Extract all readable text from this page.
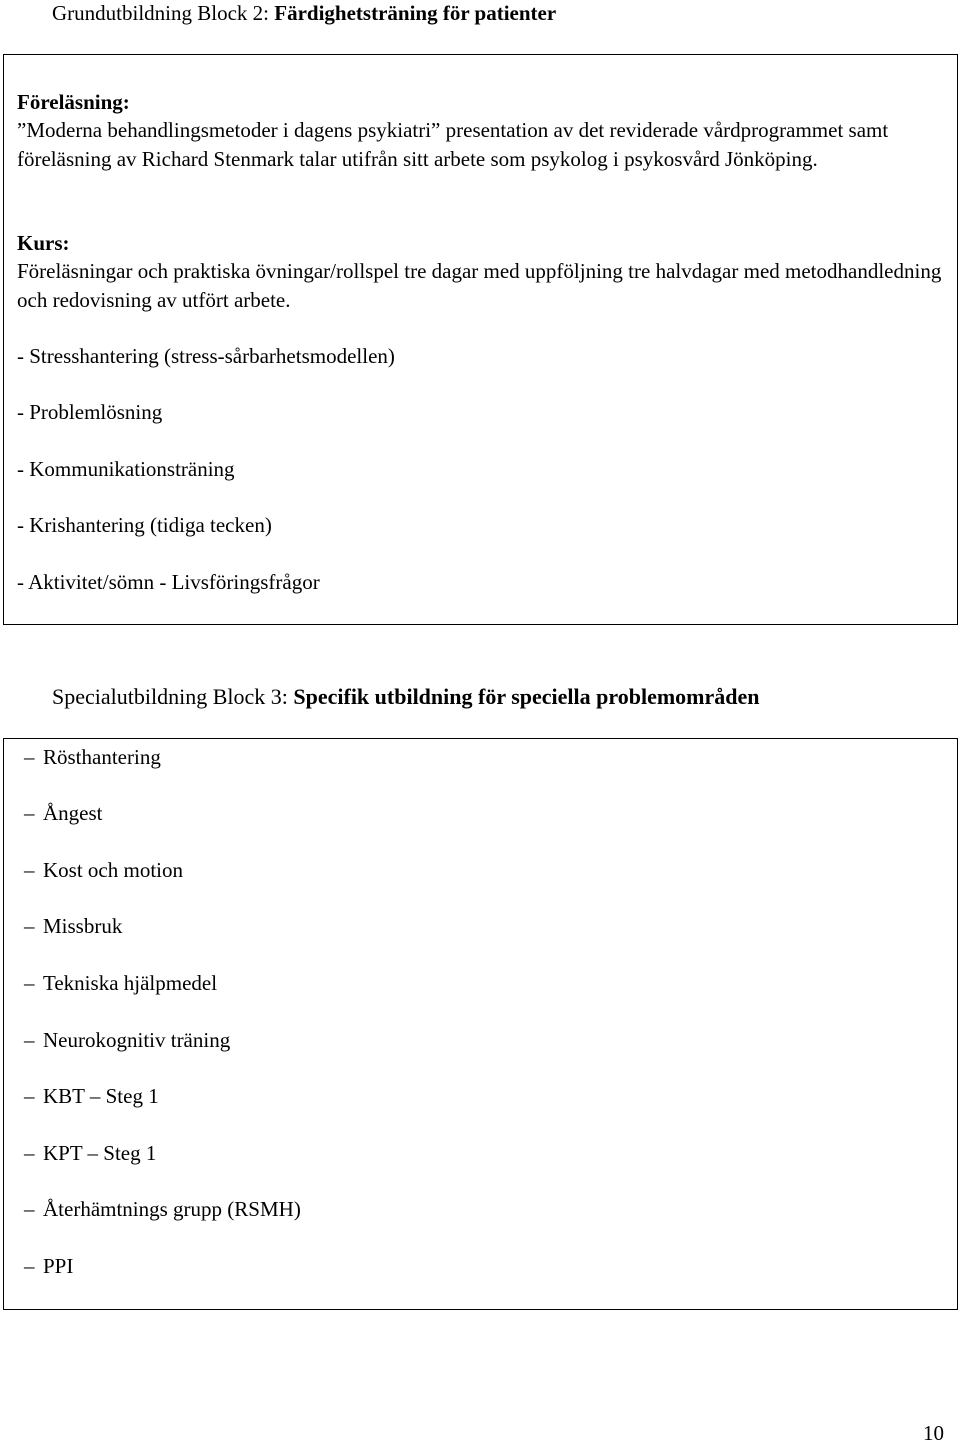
Grundutbildning Block 2: Färdighetsträning för patienter

Föreläsning:

”Moderna behandlingsmetoder i dagens psykiatri” presentation av det reviderade vårdprogrammet samt föreläsning av Richard Stenmark talar utifrån sitt arbete som psykolog i psykosvård Jönköping.

Kurs:

Föreläsningar och praktiska övningar/rollspel tre dagar med uppföljning tre halvdagar med metodhandledning och redovisning av utfört arbete.

- Stresshantering (stress-sårbarhetsmodellen)

- Problemlösning

- Kommunikationsträning

- Krishantering (tidiga tecken)

- Aktivitet/sömn - Livsföringsfrågor

Specialutbildning Block 3: Specifik utbildning för speciella problemområden

– Rösthantering

– Ångest

– Kost och motion

– Missbruk

– Tekniska hjälpmedel

– Neurokognitiv träning

– KBT – Steg 1

– KPT – Steg 1

– Återhämtnings grupp (RSMH)

– PPI

10
